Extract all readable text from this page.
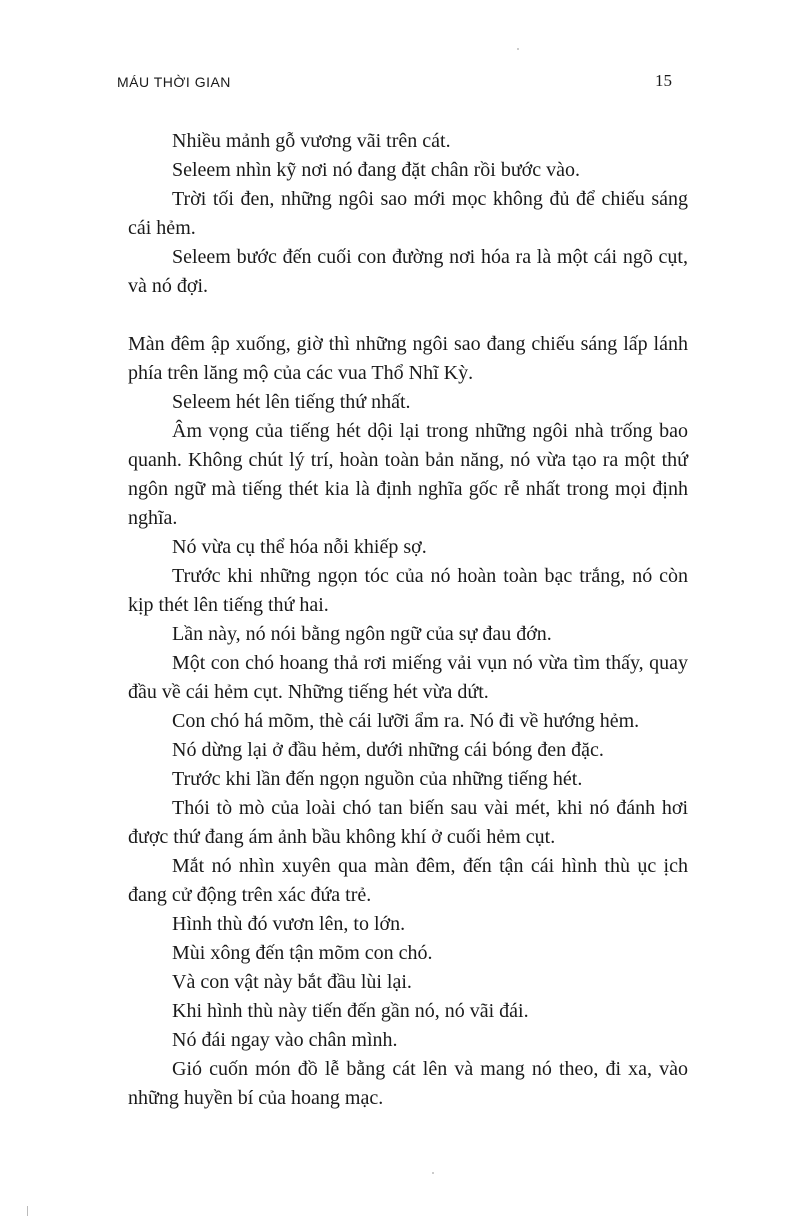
MÁU THỜI GIAN	15

Nhiều mảnh gỗ vương vãi trên cát.

Seleem nhìn kỹ nơi nó đang đặt chân rồi bước vào.

Trời tối đen, những ngôi sao mới mọc không đủ để chiếu sáng cái hẻm.

Seleem bước đến cuối con đường nơi hóa ra là một cái ngõ cụt, và nó đợi.

Màn đêm ập xuống, giờ thì những ngôi sao đang chiếu sáng lấp lánh phía trên lăng mộ của các vua Thổ Nhĩ Kỳ.

Seleem hét lên tiếng thứ nhất.

Âm vọng của tiếng hét dội lại trong những ngôi nhà trống bao quanh. Không chút lý trí, hoàn toàn bản năng, nó vừa tạo ra một thứ ngôn ngữ mà tiếng thét kia là định nghĩa gốc rễ nhất trong mọi định nghĩa.

Nó vừa cụ thể hóa nỗi khiếp sợ.

Trước khi những ngọn tóc của nó hoàn toàn bạc trắng, nó còn kịp thét lên tiếng thứ hai.

Lần này, nó nói bằng ngôn ngữ của sự đau đớn.

Một con chó hoang thả rơi miếng vải vụn nó vừa tìm thấy, quay đầu về cái hẻm cụt. Những tiếng hét vừa dứt.

Con chó há mõm, thè cái lưỡi ẩm ra. Nó đi về hướng hẻm.

Nó dừng lại ở đầu hẻm, dưới những cái bóng đen đặc.

Trước khi lần đến ngọn nguồn của những tiếng hét.

Thói tò mò của loài chó tan biến sau vài mét, khi nó đánh hơi được thứ đang ám ảnh bầu không khí ở cuối hẻm cụt.

Mắt nó nhìn xuyên qua màn đêm, đến tận cái hình thù ục ịch đang cử động trên xác đứa trẻ.

Hình thù đó vươn lên, to lớn.

Mùi xông đến tận mõm con chó.

Và con vật này bắt đầu lùi lại.

Khi hình thù này tiến đến gần nó, nó vãi đái.

Nó đái ngay vào chân mình.

Gió cuốn món đồ lễ bằng cát lên và mang nó theo, đi xa, vào những huyền bí của hoang mạc.
